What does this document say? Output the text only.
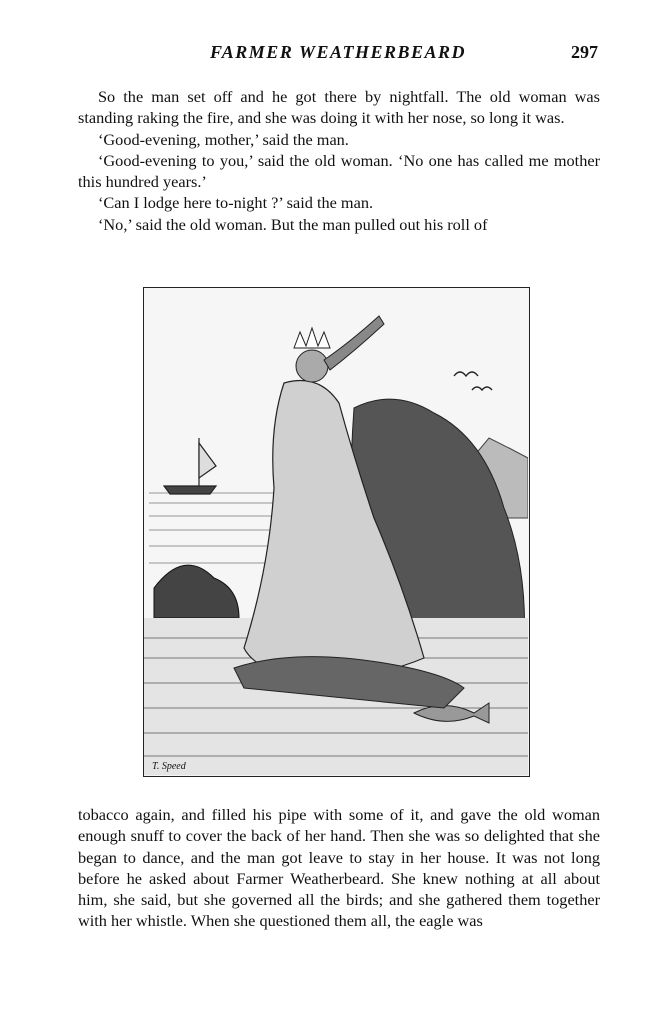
FARMER WEATHERBEARD	297

So the man set off and he got there by nightfall. The old woman was standing raking the fire, and she was doing it with her nose, so long it was.

‘Good-evening, mother,’ said the man.

‘Good-evening to you,’ said the old woman. ‘No one has called me mother this hundred years.’

‘Can I lodge here to-night ?’ said the man.

‘No,’ said the old woman. But the man pulled out his roll of

T. Speed

tobacco again, and filled his pipe with some of it, and gave the old woman enough snuff to cover the back of her hand. Then she was so delighted that she began to dance, and the man got leave to stay in her house. It was not long before he asked about Farmer Weatherbeard. She knew nothing at all about him, she said, but she governed all the birds; and she gathered them together with her whistle. When she questioned them all, the eagle was
